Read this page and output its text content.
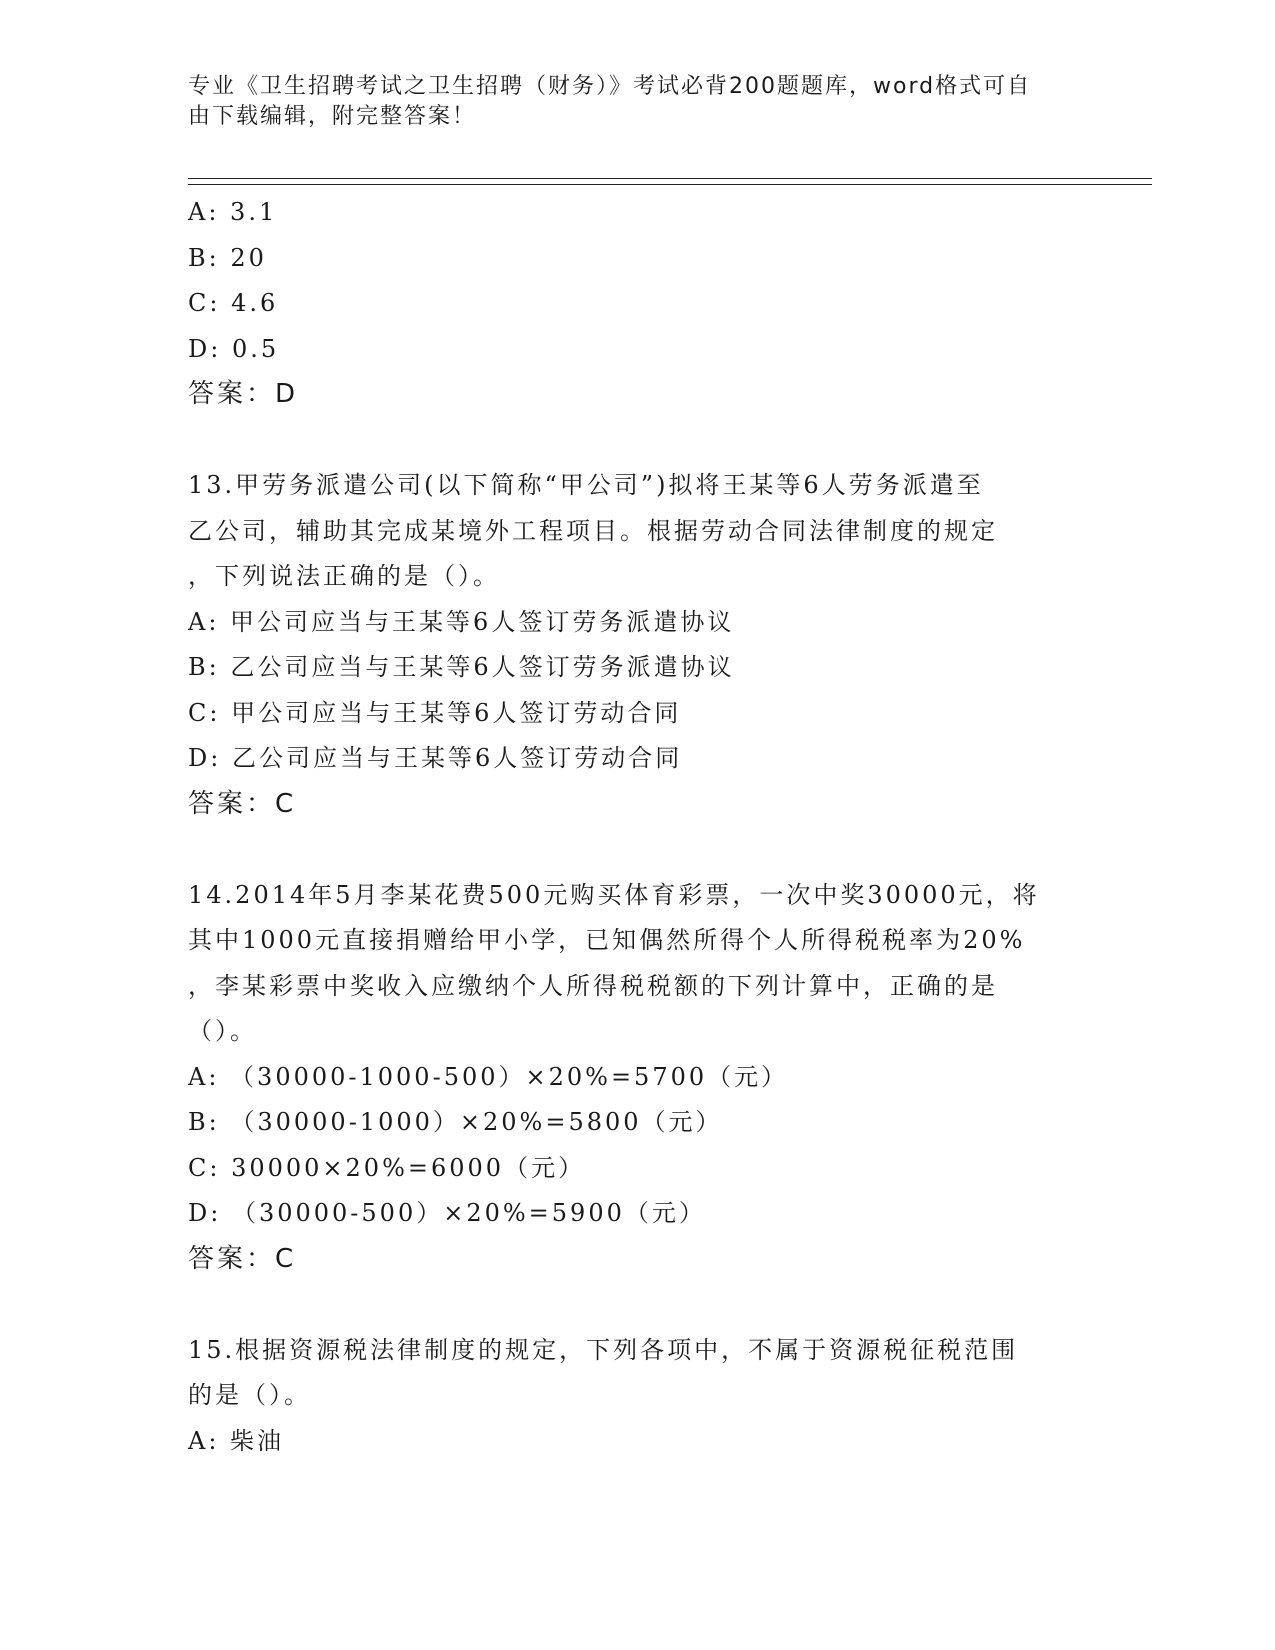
专业《卫生招聘考试之卫生招聘（财务）》考试必背200题题库，word格式可自
由下载编辑，附完整答案！
A: 3.1
B: 20
C: 4.6
D: 0.5
答案：D
13.甲劳务派遣公司(以下简称“甲公司”)拟将王某等6人劳务派遣至
乙公司，辅助其完成某境外工程项目。根据劳动合同法律制度的规定
，下列说法正确的是（）。
A: 甲公司应当与王某等6人签订劳务派遣协议
B: 乙公司应当与王某等6人签订劳务派遣协议
C: 甲公司应当与王某等6人签订劳动合同
D: 乙公司应当与王某等6人签订劳动合同
答案：C
14.2014年5月李某花费500元购买体育彩票，一次中奖30000元，将
其中1000元直接捐赠给甲小学，已知偶然所得个人所得税税率为20%
，李某彩票中奖收入应缴纳个人所得税税额的下列计算中，正确的是
（）。
A: （30000-1000-500）×20%=5700（元）
B: （30000-1000）×20%=5800（元）
C: 30000×20%=6000（元）
D: （30000-500）×20%=5900（元）
答案：C
15.根据资源税法律制度的规定，下列各项中，不属于资源税征税范围
的是（）。
A: 柴油
